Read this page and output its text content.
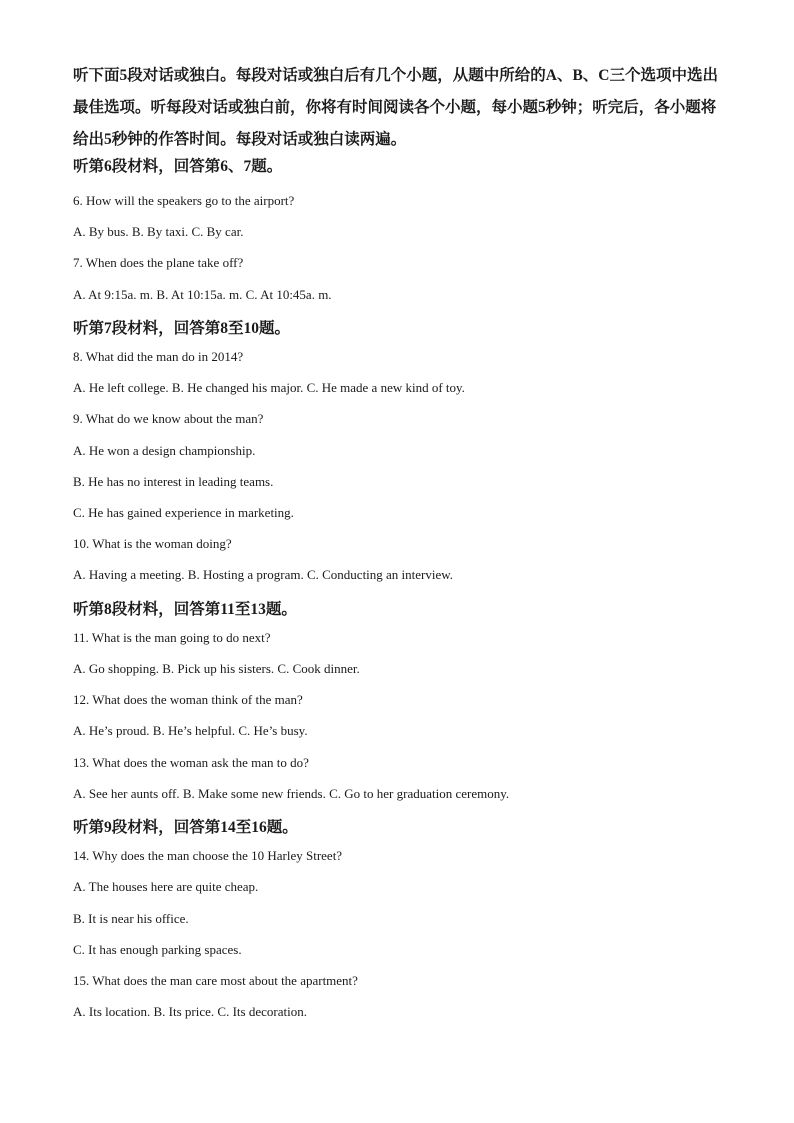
听下面5段对话或独白。每段对话或独白后有几个小题，从题中所给的A、B、C三个选项中选出最佳选项。听每段对话或独白前，你将有时间阅读各个小题，每小题5秒钟；听完后，各小题将给出5秒钟的作答时间。每段对话或独白读两遍。

听第6段材料，回答第6、7题。
6. How will the speakers go to the airport?
A. By bus. B. By taxi. C. By car.
7. When does the plane take off?
A. At 9:15a. m. B. At 10:15a. m. C. At 10:45a. m.
听第7段材料，回答第8至10题。
8. What did the man do in 2014?
A. He left college. B. He changed his major. C. He made a new kind of toy.
9. What do we know about the man?
A. He won a design championship.
B. He has no interest in leading teams.
C. He has gained experience in marketing.
10. What is the woman doing?
A. Having a meeting. B. Hosting a program. C. Conducting an interview.
听第8段材料，回答第11至13题。
11. What is the man going to do next?
A. Go shopping. B. Pick up his sisters. C. Cook dinner.
12. What does the woman think of the man?
A. He’s proud. B. He’s helpful. C. He’s busy.
13. What does the woman ask the man to do?
A. See her aunts off. B. Make some new friends. C. Go to her graduation ceremony.
听第9段材料，回答第14至16题。
14. Why does the man choose the 10 Harley Street?
A. The houses here are quite cheap.
B. It is near his office.
C. It has enough parking spaces.
15. What does the man care most about the apartment?
A. Its location. B. Its price. C. Its decoration.
